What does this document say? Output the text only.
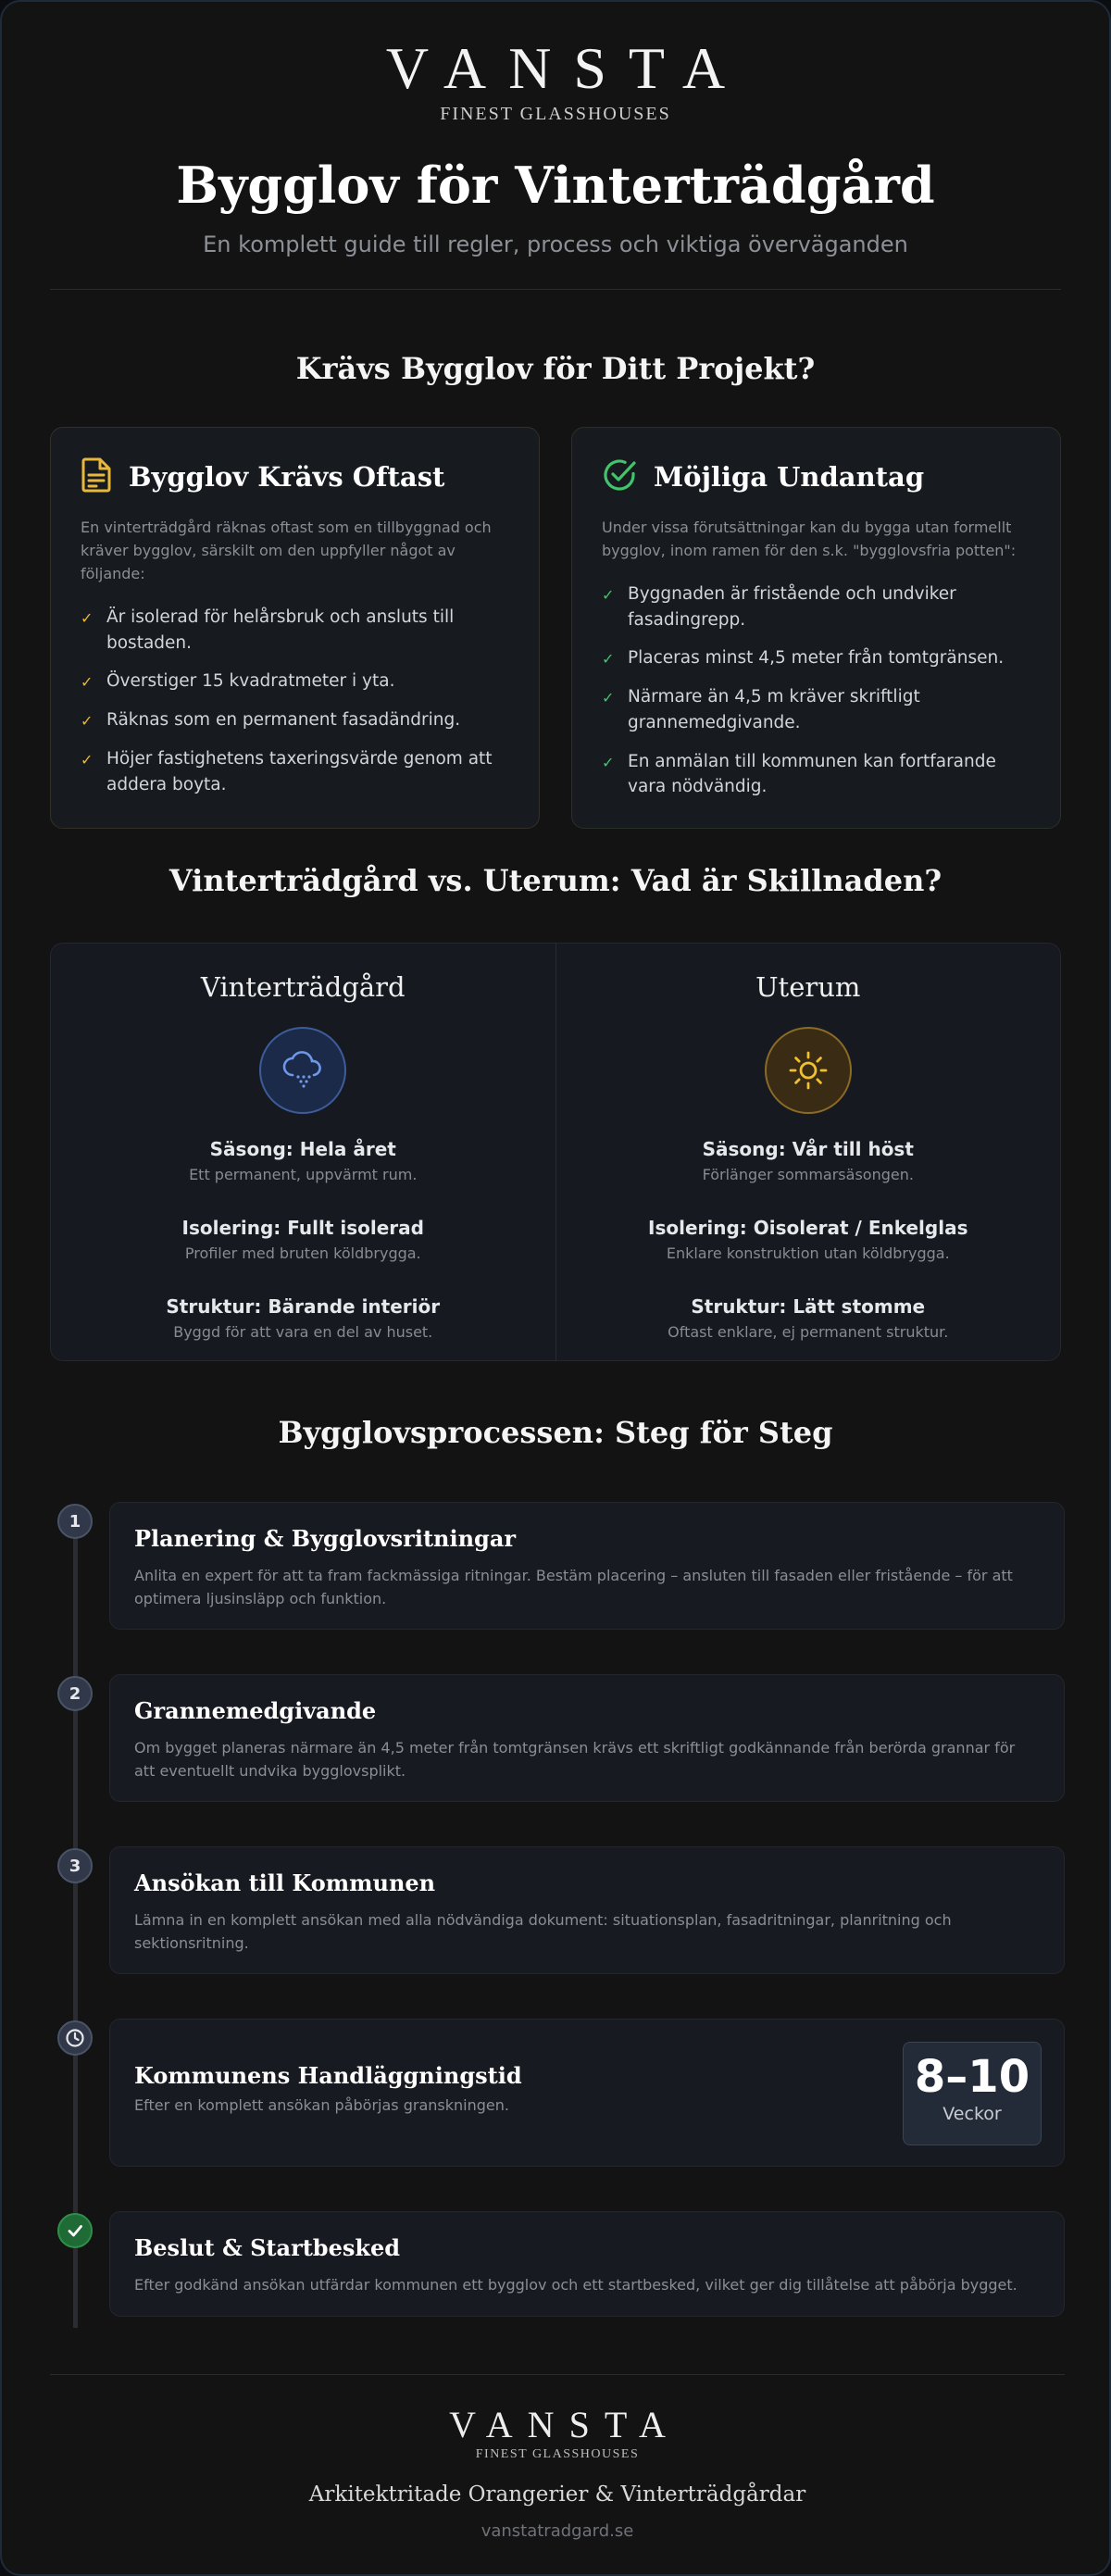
VANSTA
FINEST GLASSHOUSES
Bygglov för Vinterträdgård
En komplett guide till regler, process och viktiga överväganden
Krävs Bygglov för Ditt Projekt?
Bygglov Krävs Oftast

En vinterträdgård räknas oftast som en tillbyggnad och kräver bygglov, särskilt om den uppfyller något av följande:

✓ Är isolerad för helårsbruk och ansluts till bostaden.
✓ Överstiger 15 kvadratmeter i yta.
✓ Räknas som en permanent fasadändring.
✓ Höjer fastighetens taxeringsvärde genom att addera boyta.
Möjliga Undantag

Under vissa förutsättningar kan du bygga utan formellt bygglov, inom ramen för den s.k. "bygglovsfria potten":

✓ Byggnaden är fristående och undviker fasadingrepp.
✓ Placeras minst 4,5 meter från tomtgränsen.
✓ Närmare än 4,5 m kräver skriftligt grannemedgivande.
✓ En anmälan till kommunen kan fortfarande vara nödvändig.
Vinterträdgård vs. Uterum: Vad är Skillnaden?
Vinterträdgård
Säsong: Hela året
Ett permanent, uppvärmt rum.
Isolering: Fullt isolerad
Profiler med bruten köldbrygga.
Struktur: Bärande interiör
Byggd för att vara en del av huset.
Uterum
Säsong: Vår till höst
Förlänger sommarsäsongen.
Isolering: Oisolerat / Enkelglas
Enklare konstruktion utan köldbrygga.
Struktur: Lätt stomme
Oftast enklare, ej permanent struktur.
Bygglovsprocessen: Steg för Steg
1
Planering & Bygglovsritningar
Anlita en expert för att ta fram fackmässiga ritningar. Bestäm placering – ansluten till fasaden eller fristående – för att optimera ljusinsläpp och funktion.
2
Grannemedgivande
Om bygget planeras närmare än 4,5 meter från tomtgränsen krävs ett skriftligt godkännande från berörda grannar för att eventuellt undvika bygglovsplikt.
3
Ansökan till Kommunen
Lämna in en komplett ansökan med alla nödvändiga dokument: situationsplan, fasadritningar, planritning och sektionsritning.
Kommunens Handläggningstid
Efter en komplett ansökan påbörjas granskningen.
8–10
Veckor
Beslut & Startbesked
Efter godkänd ansökan utfärdar kommunen ett bygglov och ett startbesked, vilket ger dig tillåtelse att påbörja bygget.
VANSTA
FINEST GLASSHOUSES
Arkitektritade Orangerier & Vinterträdgårdar
vanstatradgard.se
